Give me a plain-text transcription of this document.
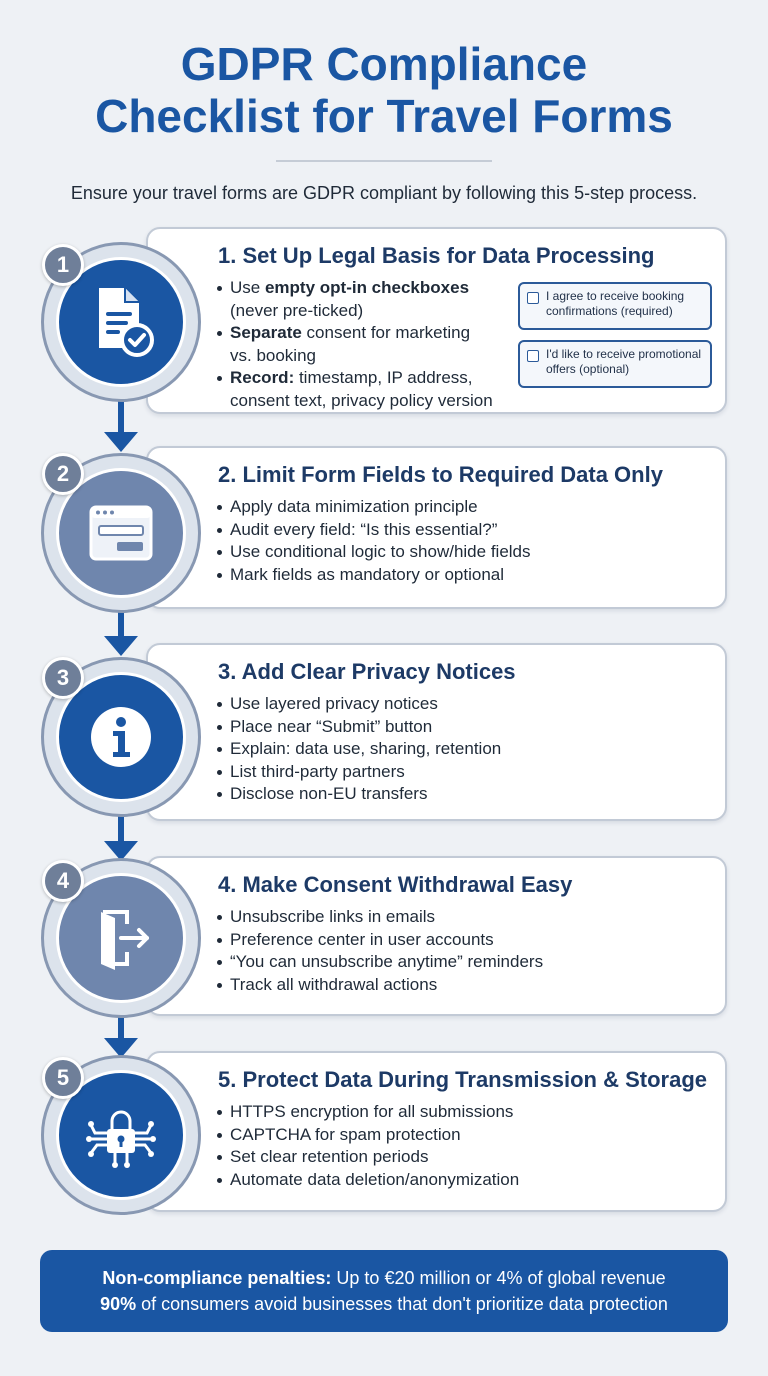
GDPR Compliance
Checklist for Travel Forms
Ensure your travel forms are GDPR compliant by following this 5-step process.
1. Set Up Legal Basis for Data Processing
Use empty opt-in checkboxes
(never pre-ticked)
Separate consent for marketing
vs. booking
Record: timestamp, IP address,
consent text, privacy policy version
I agree to receive booking confirmations (required)
I'd like to receive promotional offers (optional)
1
2. Limit Form Fields to Required Data Only
Apply data minimization principle
Audit every field: “Is this essential?”
Use conditional logic to show/hide fields
Mark fields as mandatory or optional
2
3. Add Clear Privacy Notices
Use layered privacy notices
Place near “Submit” button
Explain: data use, sharing, retention
List third-party partners
Disclose non-EU transfers
3
4. Make Consent Withdrawal Easy
Unsubscribe links in emails
Preference center in user accounts
“You can unsubscribe anytime” reminders
Track all withdrawal actions
4
5. Protect Data During Transmission & Storage
HTTPS encryption for all submissions
CAPTCHA for spam protection
Set clear retention periods
Automate data deletion/anonymization
5
Non-compliance penalties: Up to €20 million or 4% of global revenue
90% of consumers avoid businesses that don't prioritize data protection
